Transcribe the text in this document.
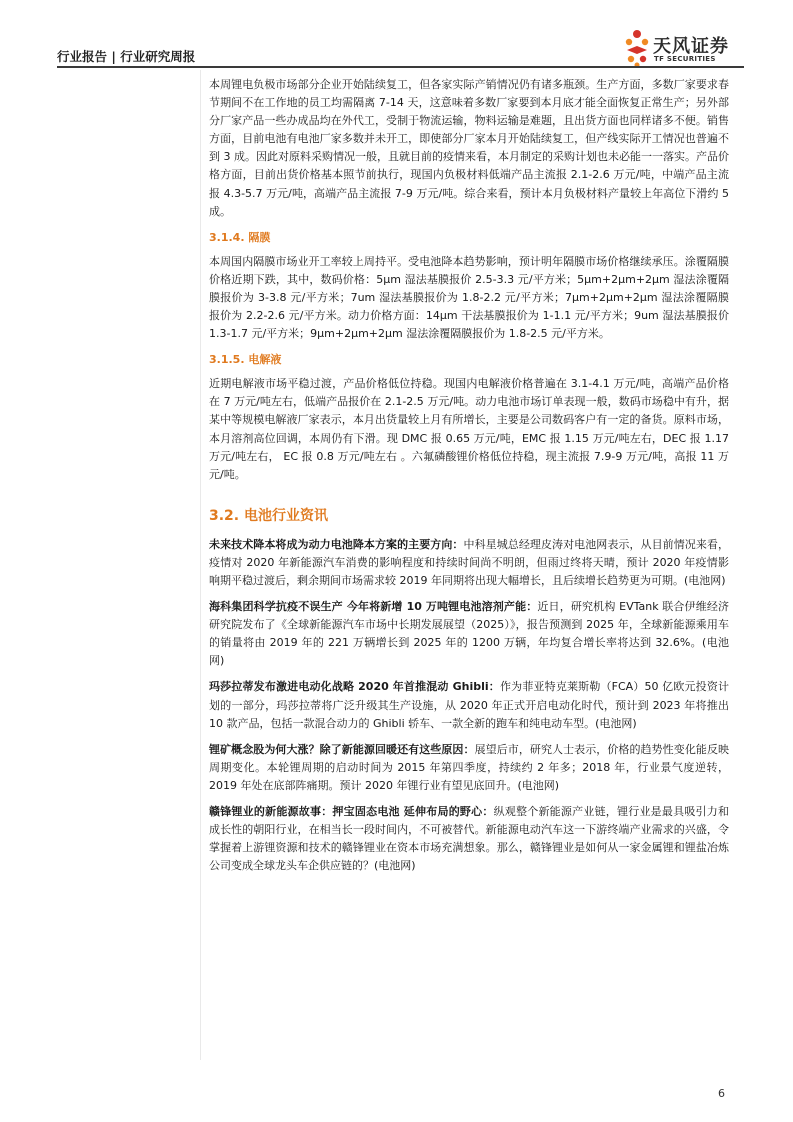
行业报告 | 行业研究周报	天风证券
TF SECURITIES

本周锂电负极市场部分企业开始陆续复工，但各家实际产销情况仍有诸多瓶颈。生产方面，多数厂家要求春节期间不在工作地的员工均需隔离 7-14 天，这意味着多数厂家要到本月底才能全面恢复正常生产；另外部分厂家产品一些办成品均在外代工，受制于物流运输，物料运输是难题，且出货方面也同样诸多不便。销售方面，目前电池有电池厂家多数并未开工，即使部分厂家本月开始陆续复工，但产线实际开工情况也普遍不到 3 成。因此对原料采购情况一般，且就目前的疫情来看，本月制定的采购计划也未必能一一落实。产品价格方面，目前出货价格基本照节前执行，现国内负极材料低端产品主流报 2.1-2.6 万元/吨，中端产品主流报 4.3-5.7 万元/吨，高端产品主流报 7-9 万元/吨。综合来看，预计本月负极材料产量较上年高位下滑约 5 成。

3.1.4. 隔膜

本周国内隔膜市场业开工率较上周持平。受电池降本趋势影响，预计明年隔膜市场价格继续承压。涂覆隔膜价格近期下跌，其中，数码价格：5μm 湿法基膜报价 2.5-3.3 元/平方米；5μm+2μm+2μm 湿法涂覆隔膜报价为 3-3.8 元/平方米；7um 湿法基膜报价为 1.8-2.2 元/平方米；7μm+2μm+2μm 湿法涂覆隔膜报价为 2.2-2.6 元/平方米。动力价格方面：14μm 干法基膜报价为 1-1.1 元/平方米；9um 湿法基膜报价 1.3-1.7 元/平方米；9μm+2μm+2μm 湿法涂覆隔膜报价为 1.8-2.5 元/平方米。

3.1.5. 电解液

近期电解液市场平稳过渡，产品价格低位持稳。现国内电解液价格普遍在 3.1-4.1 万元/吨，高端产品价格在 7 万元/吨左右，低端产品报价在 2.1-2.5 万元/吨。动力电池市场订单表现一般，数码市场稳中有升，据某中等规模电解液厂家表示，本月出货量较上月有所增长，主要是公司数码客户有一定的备货。原料市场，本月溶剂高位回调，本周仍有下滑。现 DMC 报 0.65 万元/吨，EMC 报 1.15 万元/吨左右，DEC 报 1.17 万元/吨左右， EC 报 0.8 万元/吨左右 。六氟磷酸锂价格低位持稳，现主流报 7.9-9 万元/吨，高报 11 万元/吨。

3.2. 电池行业资讯

未来技术降本将成为动力电池降本方案的主要方向：中科星城总经理皮涛对电池网表示，从目前情况来看，疫情对 2020 年新能源汽车消费的影响程度和持续时间尚不明朗，但雨过终将天晴，预计 2020 年疫情影响期平稳过渡后，剩余期间市场需求较 2019 年同期将出现大幅增长，且后续增长趋势更为可期。(电池网)

海科集团科学抗疫不误生产 今年将新增 10 万吨锂电池溶剂产能：近日，研究机构 EVTank 联合伊维经济研究院发布了《全球新能源汽车市场中长期发展展望（2025）》，报告预测到 2025 年，全球新能源乘用车的销量将由 2019 年的 221 万辆增长到 2025 年的 1200 万辆，年均复合增长率将达到 32.6%。(电池网)

玛莎拉蒂发布激进电动化战略 2020 年首推混动 Ghibli：作为菲亚特克莱斯勒（FCA）50 亿欧元投资计划的一部分，玛莎拉蒂将广泛升级其生产设施，从 2020 年正式开启电动化时代，预计到 2023 年将推出 10 款产品，包括一款混合动力的 Ghibli 轿车、一款全新的跑车和纯电动车型。(电池网)

锂矿概念股为何大涨？除了新能源回暖还有这些原因：展望后市，研究人士表示，价格的趋势性变化能反映周期变化。本轮锂周期的启动时间为 2015 年第四季度，持续约 2 年多；2018 年，行业景气度逆转，2019 年处在底部阵痛期。预计 2020 年锂行业有望见底回升。(电池网)

赣锋锂业的新能源故事：押宝固态电池 延伸布局的野心：纵观整个新能源产业链，锂行业是最具吸引力和成长性的朝阳行业，在相当长一段时间内，不可被替代。新能源电动汽车这一下游终端产业需求的兴盛，令掌握着上游锂资源和技术的赣锋锂业在资本市场充满想象。那么，赣锋锂业是如何从一家金属锂和锂盐冶炼公司变成全球龙头车企供应链的？(电池网)

6
